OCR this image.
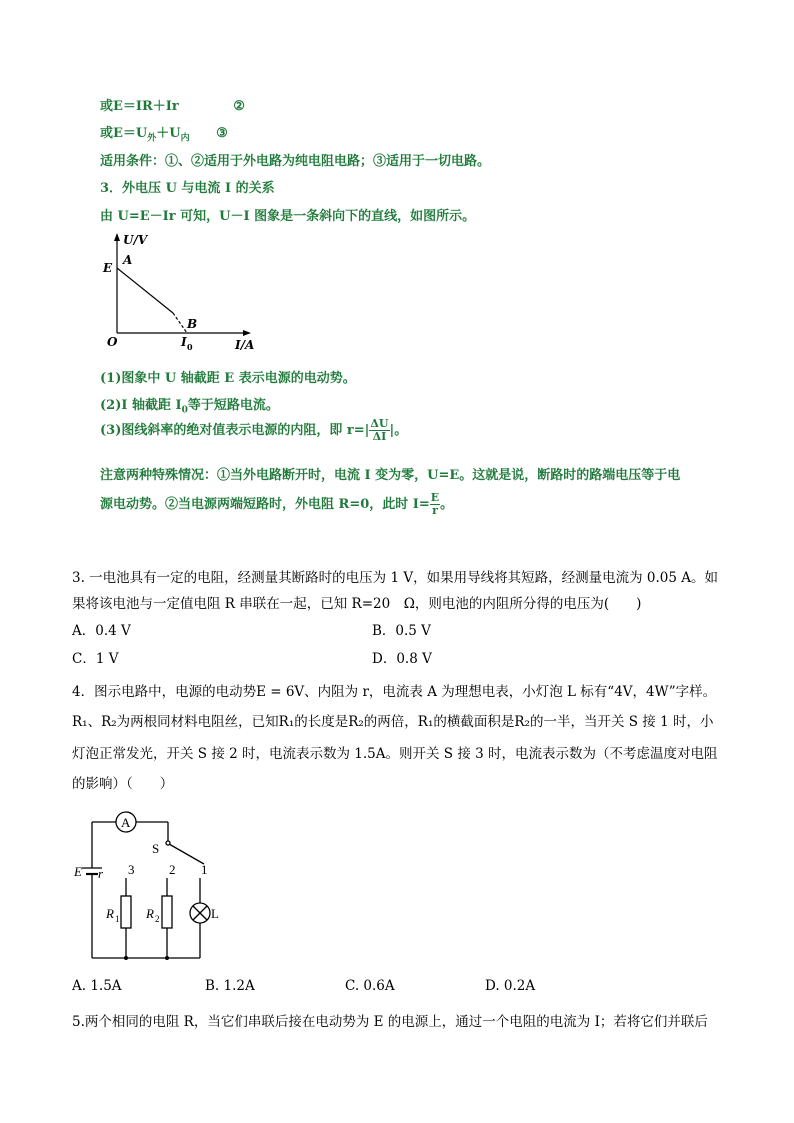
或E＝IR＋Ir	②
或$E=U_外+U_内$ ③
适用条件：①、②适用于外电路为纯电阻电路；③适用于一切电路。
3．外电压 U 与电流 I 的关系
由 U=E－Ir 可知，U－I 图象是一条斜向下的直线，如图所示。
U/V
E
A
B
O	I 0	I/A
(1)图象中 U 轴截距 E 表示电源的电动势。
(2)I 轴截距 $I_0$等于短路电流。
(3)图线斜率的绝对值表示电源的内阻，即 $r=| \frac{\Delta U}{\Delta I}$ |。
注意两种特殊情况：①当外电路断开时，电流 I 变为零，U=E。这就是说，断路时的路端电压等于电
源电动势。②当电源两端短路时，外电阻 R=0，此时 $I= \frac{E}{r}$ 。
3. 一电池具有一定的电阻，经测量其断路时的电压为 1 V，如果用导线将其短路，经测量电流为 0.05 A。如
果将该电池与一定值电阻 R 串联在一起，已知 R=20　Ω，则电池的内阻所分得的电压为(　　)
A．0.4 V	B．0.5 V
C．1 V	D．0.8 V
4．图示电路中，电源的电动势E = 6V、内阻为 r，电流表 A 为理想电表，小灯泡 L 标有“4V，4W”字样。
R₁、R₂为两根同材料电阻丝，已知R₁的长度是R₂的两倍，R₁的横截面积是R₂的一半，当开关 S 接 1 时，小
灯泡正常发光，开关 S 接 2 时，电流表示数为 1.5A。则开关 S 接 3 时，电流表示数为（不考虑温度对电阻
的影响）（　　）
A
S
E r 3	2 1
R 1 R 2	L
A. 1.5A	B. 1.2A	C. 0.6A	D. 0.2A
5.两个相同的电阻 R，当它们串联后接在电动势为 E 的电源上，通过一个电阻的电流为 I；若将它们并联后
